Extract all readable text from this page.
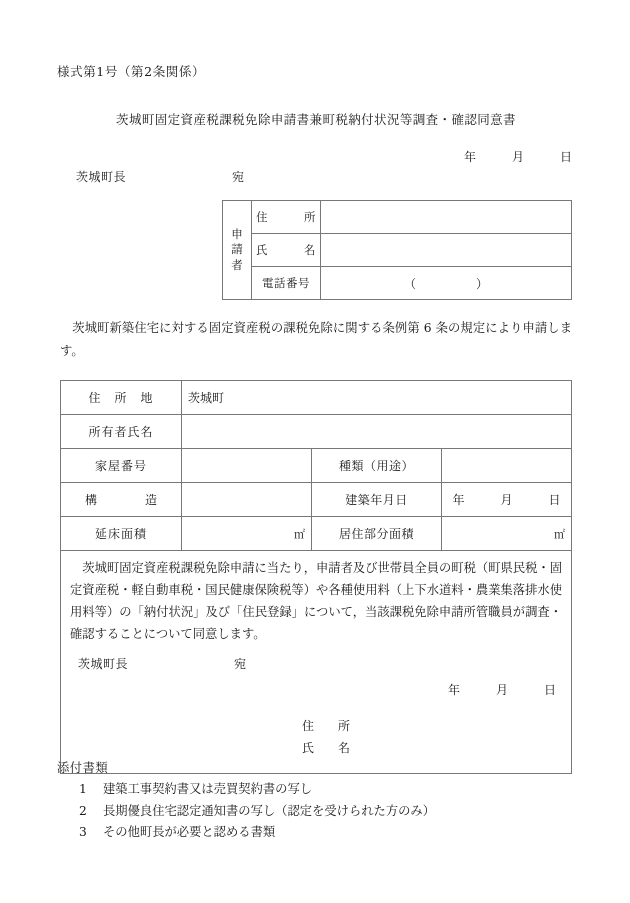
様式第1号（第2条関係）
茨城町固定資産税課税免除申請書兼町税納付状況等調査・確認同意書
年　　　月　　　日
茨城町長	宛
申
請
者	住　　　所	
	氏　　　名	
	電話番号	（　　　　　）
茨城町新築住宅に対する固定資産税の課税免除に関する条例第 6 条の規定により申請します。
住　所　地	茨城町		
所有者氏名			
家屋番号		種類（用途）	
構　　造		建築年月日	年　　　月　　　日
延床面積	㎡	居住部分面積	㎡

茨城町固定資産税課税免除申請に当たり，申請者及び世帯員全員の町税（町県民税・固定資産税・軽自動車税・国民健康保険税等）や各種使用料（上下水道料・農業集落排水使用料等）の「納付状況」及び「住民登録」について，当該課税免除申請所管職員が調査・確認することについて同意します。

茨城町長	宛
年　　　月　　　日
住　　所
氏　　名

添付書類

1	建築工事契約書又は売買契約書の写し
2	長期優良住宅認定通知書の写し（認定を受けられた方のみ）
3	その他町長が必要と認める書類
